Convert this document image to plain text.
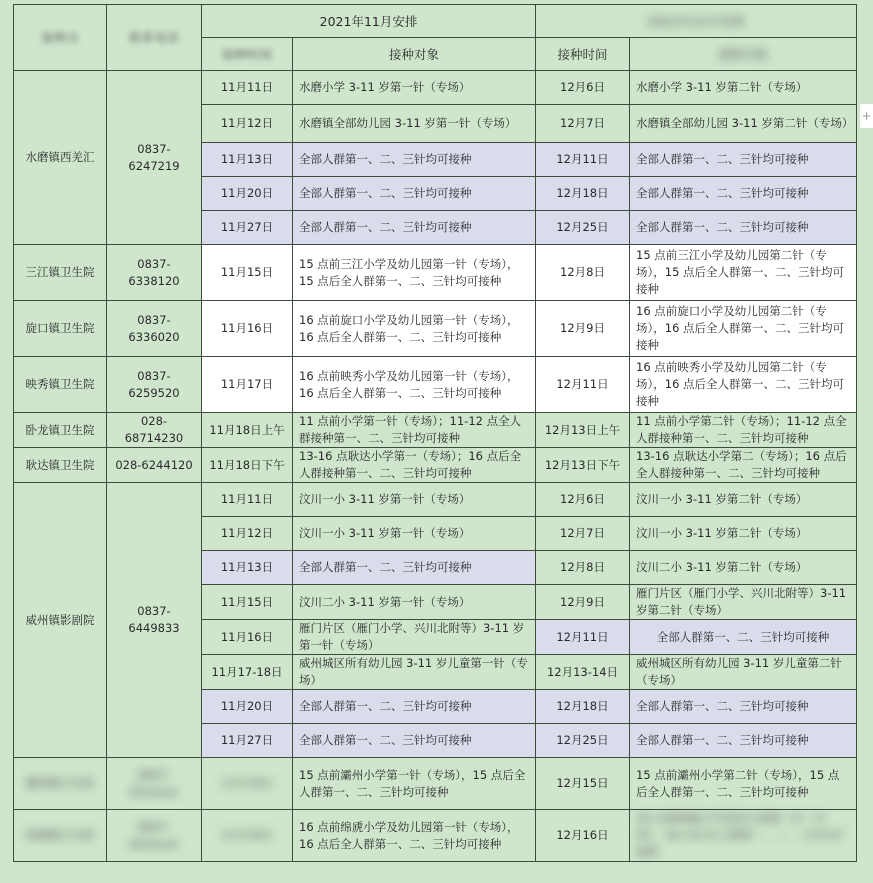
接种点	联系电话	2021年11月安排		2021年12月安排	
		接种时间	接种对象	接种时间	接种对象
水磨镇西羌汇	0837-6247219	11月11日	水磨小学 3-11 岁第一针（专场）	12月6日	水磨小学 3-11 岁第二针（专场）
		11月12日	水磨镇全部幼儿园 3-11 岁第一针（专场）	12月7日	水磨镇全部幼儿园 3-11 岁第二针（专场）
		11月13日	全部人群第一、二、三针均可接种	12月11日	全部人群第一、二、三针均可接种
		11月20日	全部人群第一、二、三针均可接种	12月18日	全部人群第一、二、三针均可接种
		11月27日	全部人群第一、二、三针均可接种	12月25日	全部人群第一、二、三针均可接种
三江镇卫生院	0837-6338120	11月15日	15 点前三江小学及幼儿园第一针（专场），15 点后全人群第一、二、三针均可接种	12月8日	15 点前三江小学及幼儿园第二针（专场），15 点后全人群第一、二、三针均可接种
旋口镇卫生院	0837-6336020	11月16日	16 点前旋口小学及幼儿园第一针（专场），16 点后全人群第一、二、三针均可接种	12月9日	16 点前旋口小学及幼儿园第二针（专场），16 点后全人群第一、二、三针均可接种
映秀镇卫生院	0837-6259520	11月17日	16 点前映秀小学及幼儿园第一针（专场），16 点后全人群第一、二、三针均可接种	12月11日	16 点前映秀小学及幼儿园第二针（专场），16 点后全人群第一、二、三针均可接种
卧龙镇卫生院	028-68714230	11月18日上午	11 点前小学第一针（专场）；11-12 点全人群接种第一、二、三针均可接种	12月13日上午	11 点前小学第二针（专场）；11-12 点全人群接种第一、二、三针均可接种
耿达镇卫生院	028-6244120	11月18日下午	13-16 点耿达小学第一（专场）；16 点后全人群接种第一、二、三针均可接种	12月13日下午	13-16 点耿达小学第二（专场）；16 点后全人群接种第一、二、三针均可接种
威州镇影剧院	0837-6449833	11月11日	汶川一小 3-11 岁第一针（专场）	12月6日	汶川一小 3-11 岁第二针（专场）
		11月12日	汶川一小 3-11 岁第一针（专场）	12月7日	汶川一小 3-11 岁第二针（专场）
		11月13日	全部人群第一、二、三针均可接种	12月8日	汶川二小 3-11 岁第二针（专场）
		11月15日	汶川二小 3-11 岁第一针（专场）	12月9日	雁门片区（雁门小学、兴川北附等）3-11 岁第二针（专场）
		11月16日	雁门片区（雁门小学、兴川北附等）3-11 岁第一针（专场）	12月11日	全部人群第一、二、三针均可接种
		11月17-18日	威州城区所有幼儿园 3-11 岁儿童第一针（专场）	12月13-14日	威州城区所有幼儿园 3-11 岁儿童第二针（专场）
		11月20日	全部人群第一、二、三针均可接种	12月18日	全部人群第一、二、三针均可接种
		11月27日	全部人群第一、二、三针均可接种	12月25日	全部人群第一、二、三针均可接种
灞州镇卫生院	0837-62xxxxx	11月19日	15 点前灞州小学第一针（专场），15 点后全人群第一、二、三针均可接种	12月15日	15 点前灞州小学第二针（专场），15 点后全人群第一、二、三针均可接种
绵虒镇卫生院	0837-62xxxx2	11月19日	16 点前绵虒小学及幼儿园第一针（专场），16 点后全人群第一、二、三针均可接种	12月16日	16 点前绵虒小学及幼儿园第二针（专场），16 点后全人群第一、二、三针均可接种
+
